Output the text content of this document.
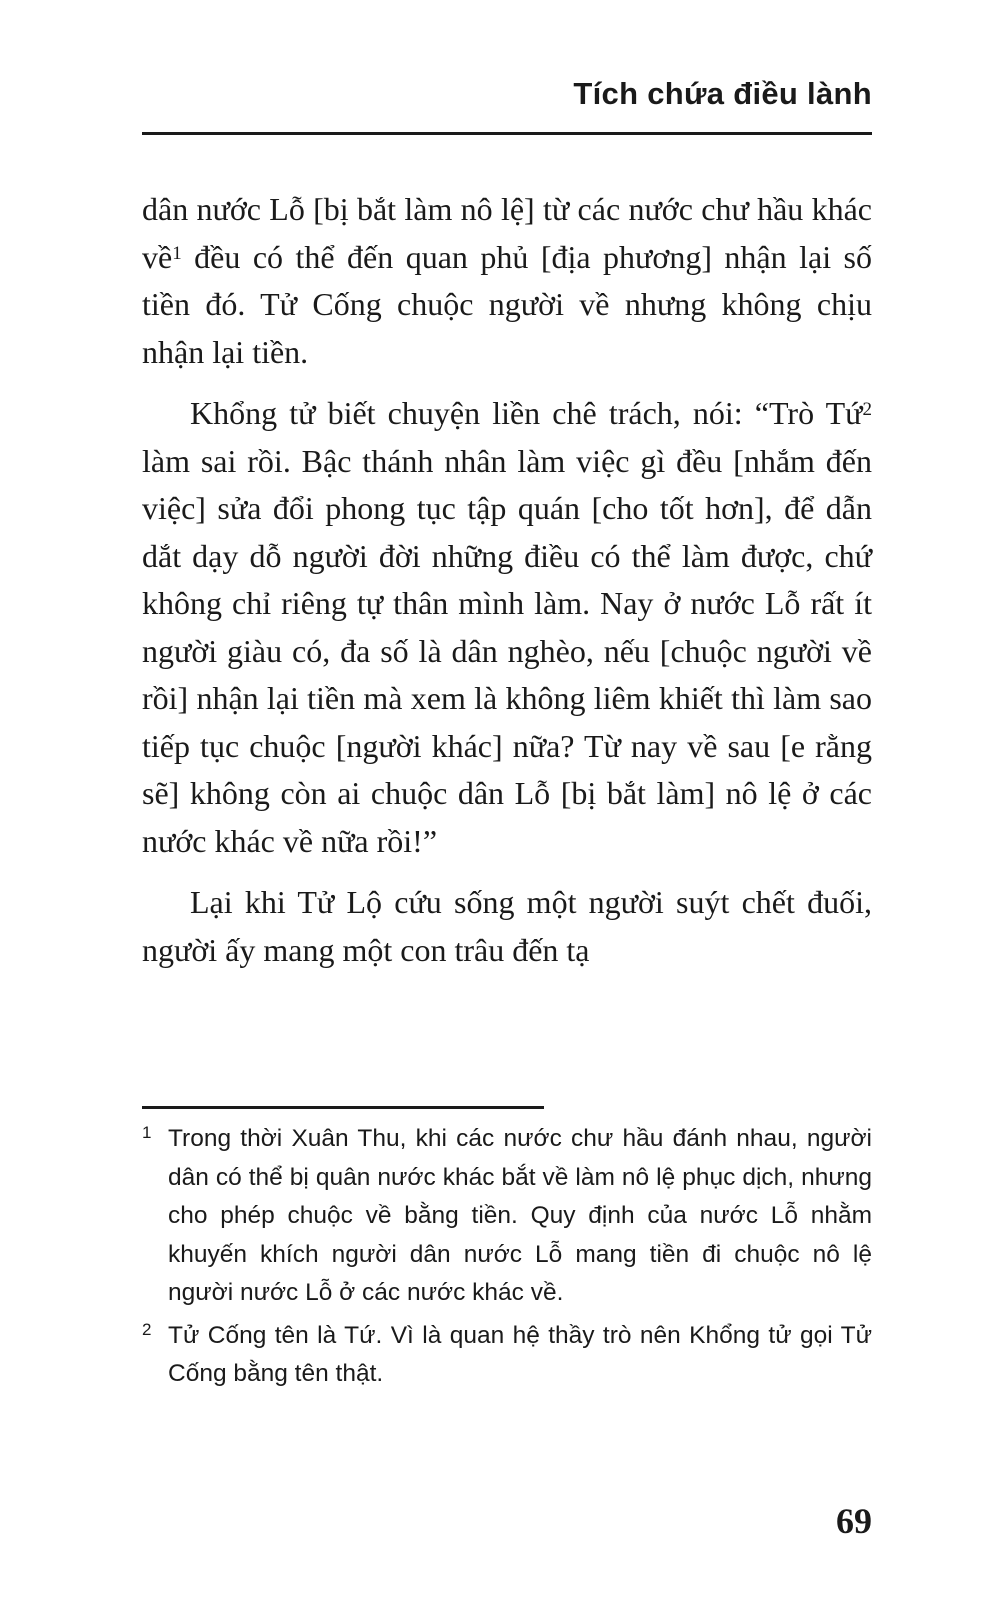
Tích chứa điều lành

dân nước Lỗ [bị bắt làm nô lệ] từ các nước chư hầu khác về$^1$ đều có thể đến quan phủ [địa phương] nhận lại số tiền đó. Tử Cống chuộc người về nhưng không chịu nhận lại tiền.

Khổng tử biết chuyện liền chê trách, nói: “Trò Tứ$^2$ làm sai rồi. Bậc thánh nhân làm việc gì đều [nhắm đến việc] sửa đổi phong tục tập quán [cho tốt hơn], để dẫn dắt dạy dỗ người đời những điều có thể làm được, chứ không chỉ riêng tự thân mình làm. Nay ở nước Lỗ rất ít người giàu có, đa số là dân nghèo, nếu [chuộc người về rồi] nhận lại tiền mà xem là không liêm khiết thì làm sao tiếp tục chuộc [người khác] nữa? Từ nay về sau [e rằng sẽ] không còn ai chuộc dân Lỗ [bị bắt làm] nô lệ ở các nước khác về nữa rồi!”

Lại khi Tử Lộ cứu sống một người suýt chết đuối, người ấy mang một con trâu đến tạ

1 Trong thời Xuân Thu, khi các nước chư hầu đánh nhau, người dân có thể bị quân nước khác bắt về làm nô lệ phục dịch, nhưng cho phép chuộc về bằng tiền. Quy định của nước Lỗ nhằm khuyến khích người dân nước Lỗ mang tiền đi chuộc nô lệ người nước Lỗ ở các nước khác về.
2 Tử Cống tên là Tứ. Vì là quan hệ thầy trò nên Khổng tử gọi Tử Cống bằng tên thật.
69
